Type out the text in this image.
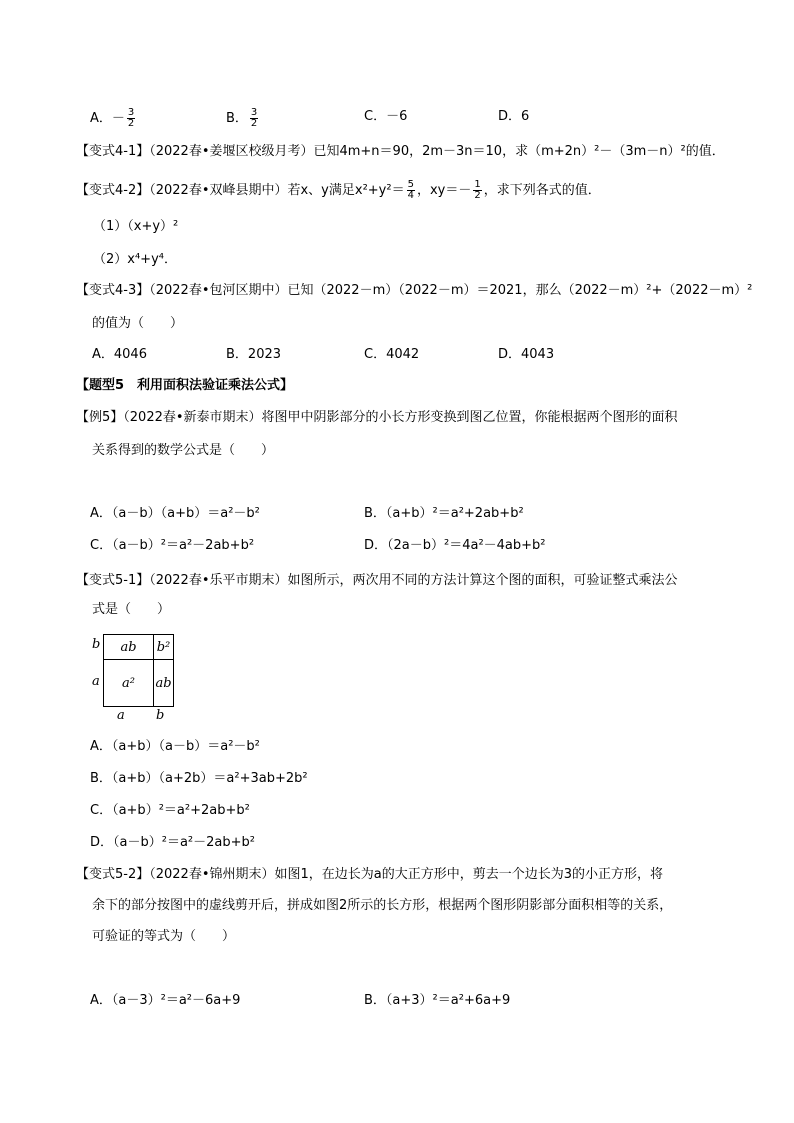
A．－ $\frac{3}{2}$	B． $\frac{3}{2}$	C．－6	D．6
【变式4-1】（2022春•姜堰区校级月考）已知4m+n＝90，2m－3n＝10，求（m+2n）²－（3m－n）²的值．
【变式4-2】（2022春•双峰县期中）若x、y满足$x^2+y^2= \frac{5}{4}$ ，$xy=- \frac{1}{2}$ ，求下列各式的值．
（1）（x+y）²
（2）x⁴+y⁴．
【变式4-3】（2022春•包河区期中）已知（2022－m）（2022－m）＝2021，那么（2022－m）²+（2022－m）²
的值为（　　）
A．4046	B．2023	C．4042	D．4043
【题型5　利用面积法验证乘法公式】
【例5】（2022春•新泰市期末）将图甲中阴影部分的小长方形变换到图乙位置，你能根据两个图形的面积
关系得到的数学公式是（　　）
A．（a－b）（a+b）＝a²－b²	B．（a+b）²＝a²+2ab+b²
C．（a－b）²＝a²－2ab+b²	D．（2a－b）²＝4a²－4ab+b²
【变式5-1】（2022春•乐平市期末）如图所示，两次用不同的方法计算这个图的面积，可验证整式乘法公
式是（　　）
b
a
ab	b²
a²	ab
a b
A．（a+b）（a－b）＝a²－b²
B．（a+b）（a+2b）＝a²+3ab+2b²
C．（a+b）²＝a²+2ab+b²
D．（a－b）²＝a²－2ab+b²
【变式5-2】（2022春•锦州期末）如图1，在边长为a的大正方形中，剪去一个边长为3的小正方形，将
余下的部分按图中的虚线剪开后，拼成如图2所示的长方形，根据两个图形阴影部分面积相等的关系，
可验证的等式为（　　）
A．（a－3）²＝a²－6a+9	B．（a+3）²＝a²+6a+9
